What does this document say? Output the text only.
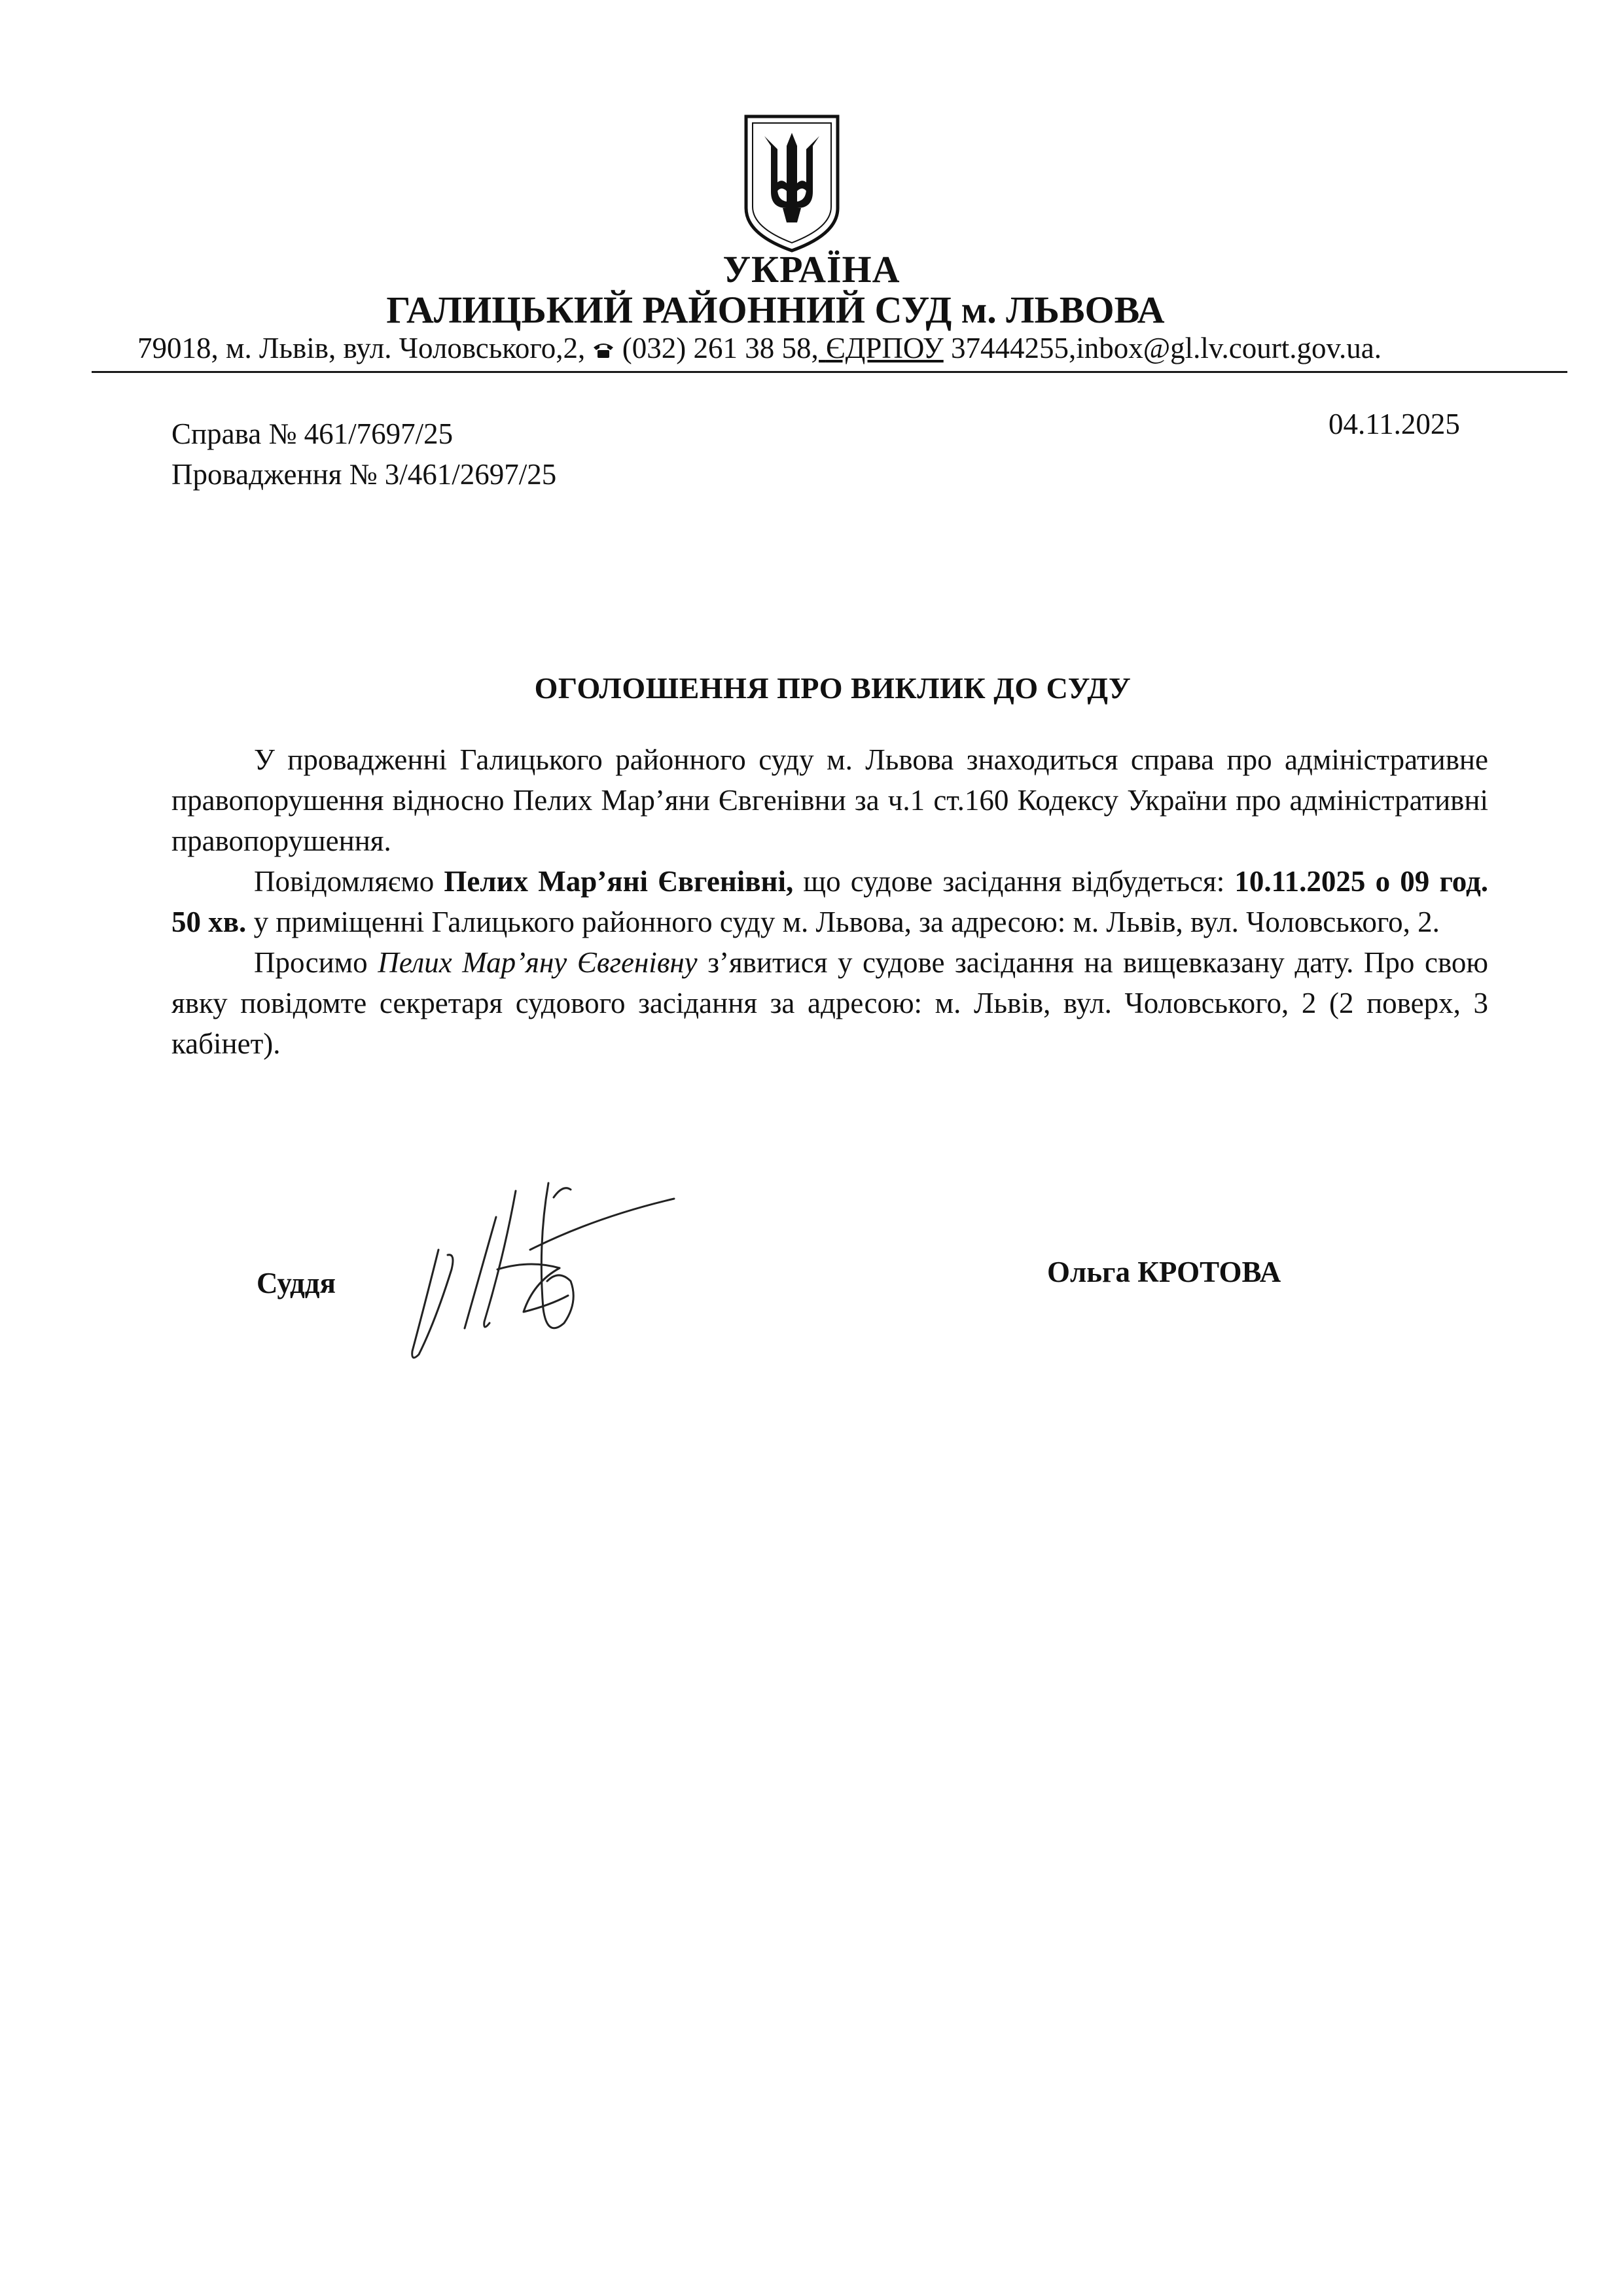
УКРАЇНА
ГАЛИЦЬКИЙ РАЙОННИЙ СУД м. ЛЬВОВА
79018, м. Львів, вул. Чоловського,2,  (032) 261 38 58, ЄДРПОУ 37444255,inbox@gl.lv.court.gov.ua.
Справа № 461/7697/25
Провадження № 3/461/2697/25
04.11.2025
ОГОЛОШЕННЯ ПРО ВИКЛИК ДО СУДУ

У провадженні Галицького районного суду м. Львова знаходиться справа про адміністративне правопорушення відносно Пелих Мар’яни Євгенівни за ч.1 ст.160 Кодексу України про адміністративні правопорушення.

Повідомляємо Пелих Мар’яні Євгенівні, що судове засідання відбудеться: 10.11.2025 о 09 год. 50 хв. у приміщенні Галицького районного суду м. Львова, за адресою: м. Львів, вул. Чоловського, 2.

Просимо Пелих Мар’яну Євгенівну з’явитися у судове засідання на вищевказану дату. Про свою явку повідомте секретаря судового засідання за адресою: м. Львів, вул. Чоловського, 2 (2 поверх, 3 кабінет).

Суддя	Ольга КРОТОВА
